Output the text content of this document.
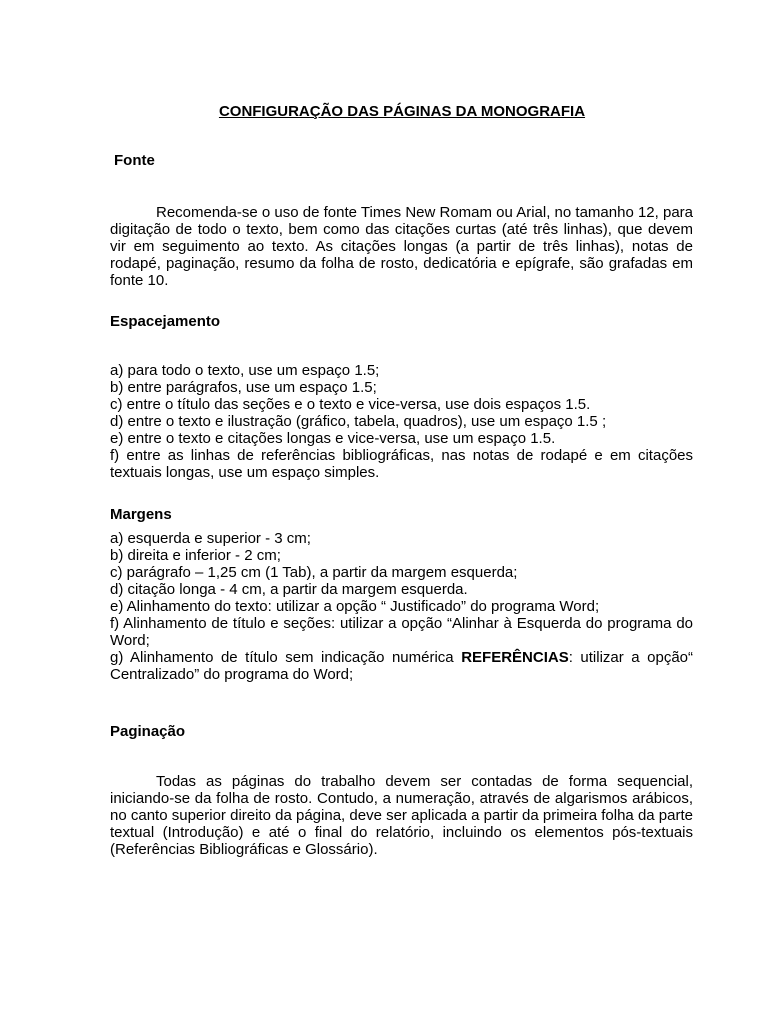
CONFIGURAÇÃO DAS PÁGINAS DA MONOGRAFIA
Fonte

Recomenda-se o uso de fonte Times New Romam ou Arial, no tamanho 12, para digitação de todo o texto, bem como das citações curtas (até três linhas), que devem vir em seguimento ao texto. As citações longas (a partir de três linhas), notas de rodapé, paginação, resumo da folha de rosto, dedicatória e epígrafe, são grafadas em fonte 10.

Espacejamento
a) para todo o texto, use um espaço 1.5;
b) entre parágrafos, use um espaço 1.5;
c) entre o título das seções e o texto e vice-versa, use dois espaços 1.5.
d) entre o texto e ilustração (gráfico, tabela, quadros), use um espaço 1.5 ;
e) entre o texto e citações longas e vice-versa, use um espaço 1.5.
f) entre as linhas de referências bibliográficas, nas notas de rodapé e em citações textuais longas, use um espaço simples.
Margens
a) esquerda e superior - 3 cm;
b) direita e inferior - 2 cm;
c) parágrafo – 1,25 cm (1 Tab), a partir da margem esquerda;
d) citação longa - 4 cm, a partir da margem esquerda.
e) Alinhamento do texto: utilizar a opção “ Justificado” do programa Word;
f) Alinhamento de título e seções: utilizar a opção “Alinhar à Esquerda do programa do Word;
g) Alinhamento de título sem indicação numérica REFERÊNCIAS: utilizar a opção“ Centralizado” do programa do Word;
Paginação

Todas as páginas do trabalho devem ser contadas de forma sequencial, iniciando-se da folha de rosto. Contudo, a numeração, através de algarismos arábicos, no canto superior direito da página, deve ser aplicada a partir da primeira folha da parte textual (Introdução) e até o final do relatório, incluindo os elementos pós-textuais (Referências Bibliográficas e Glossário).
